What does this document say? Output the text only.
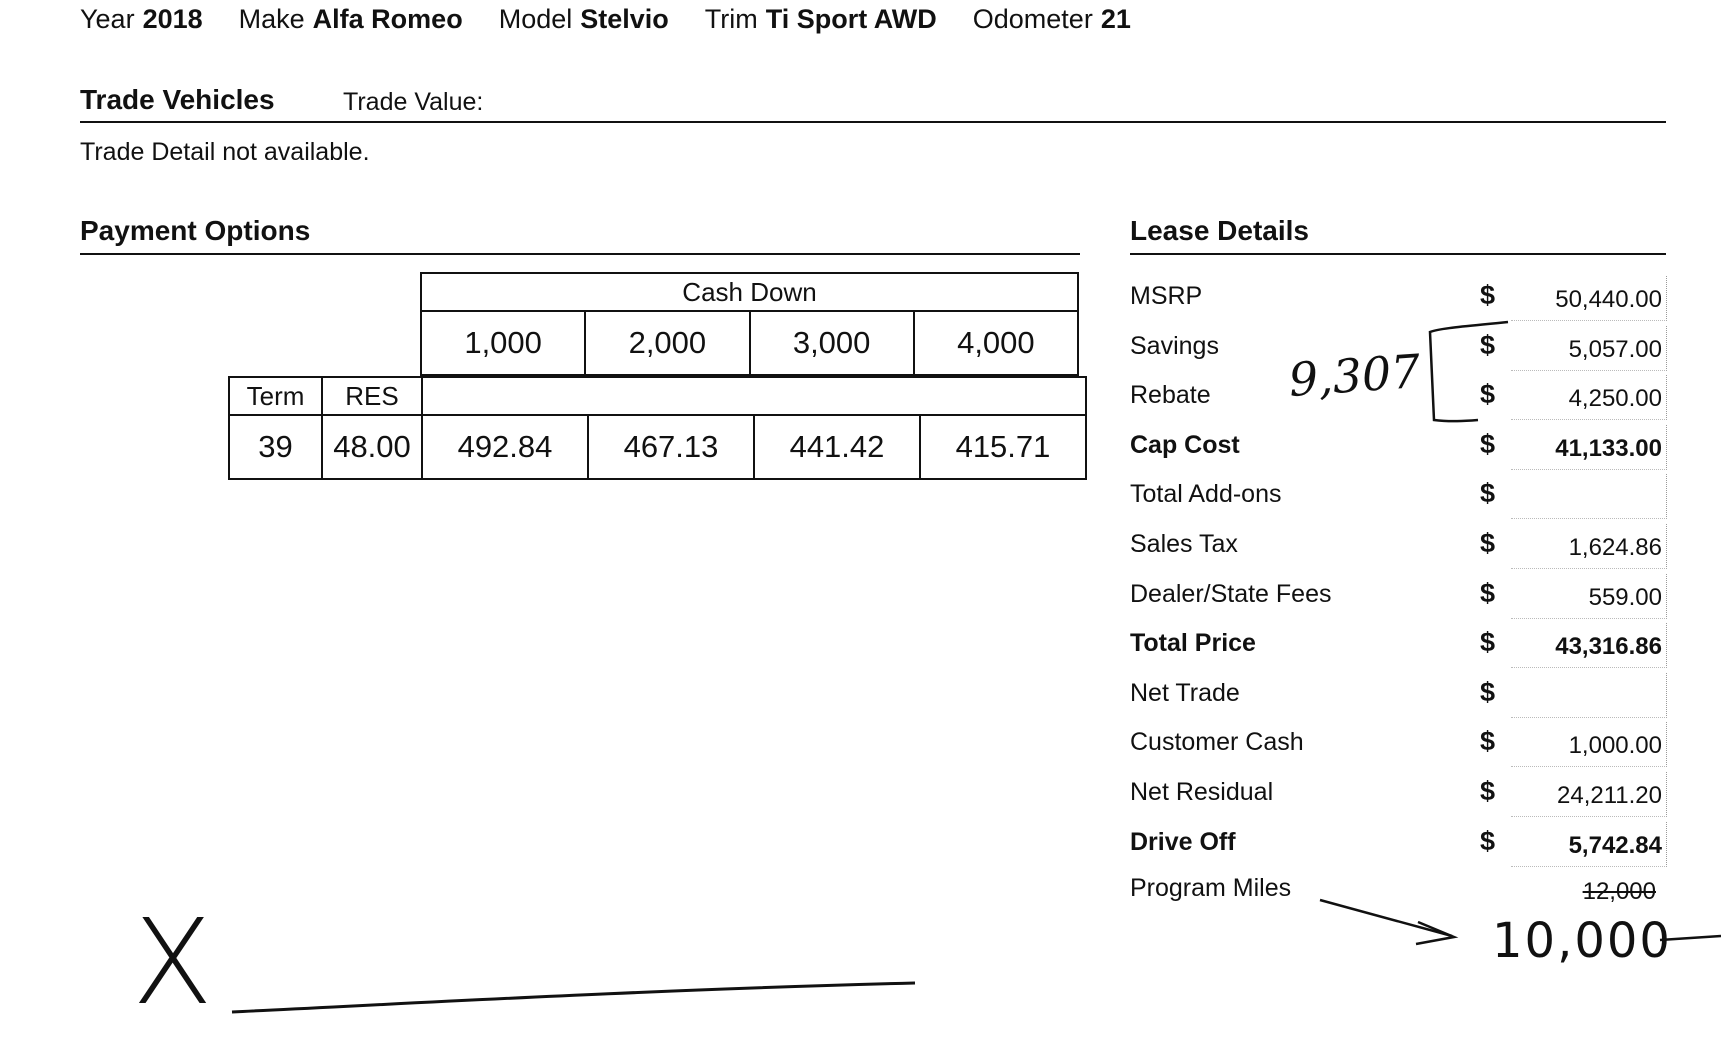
Year 2018 Make Alfa Romeo Model Stelvio Trim Ti Sport AWD Odometer 21
Trade Vehicles	Trade Value:
Trade Detail not available.
Payment Options
Cash Down
1,000	2,000	3,000	4,000
Term	RES				
39	48.00	492.84	467.13	441.42	415.71
Lease Details
MSRP	$	50,440.00
Savings	$	5,057.00
Rebate	$	4,250.00
Cap Cost	$	41,133.00
Total Add-ons	$
Sales Tax	$	1,624.86
Dealer/State Fees	$	559.00
Total Price	$	43,316.86
Net Trade	$
Customer Cash	$	1,000.00
Net Residual	$	24,211.20
Drive Off	$	5,742.84
Program Miles	12,000
9,307
10,000
X
